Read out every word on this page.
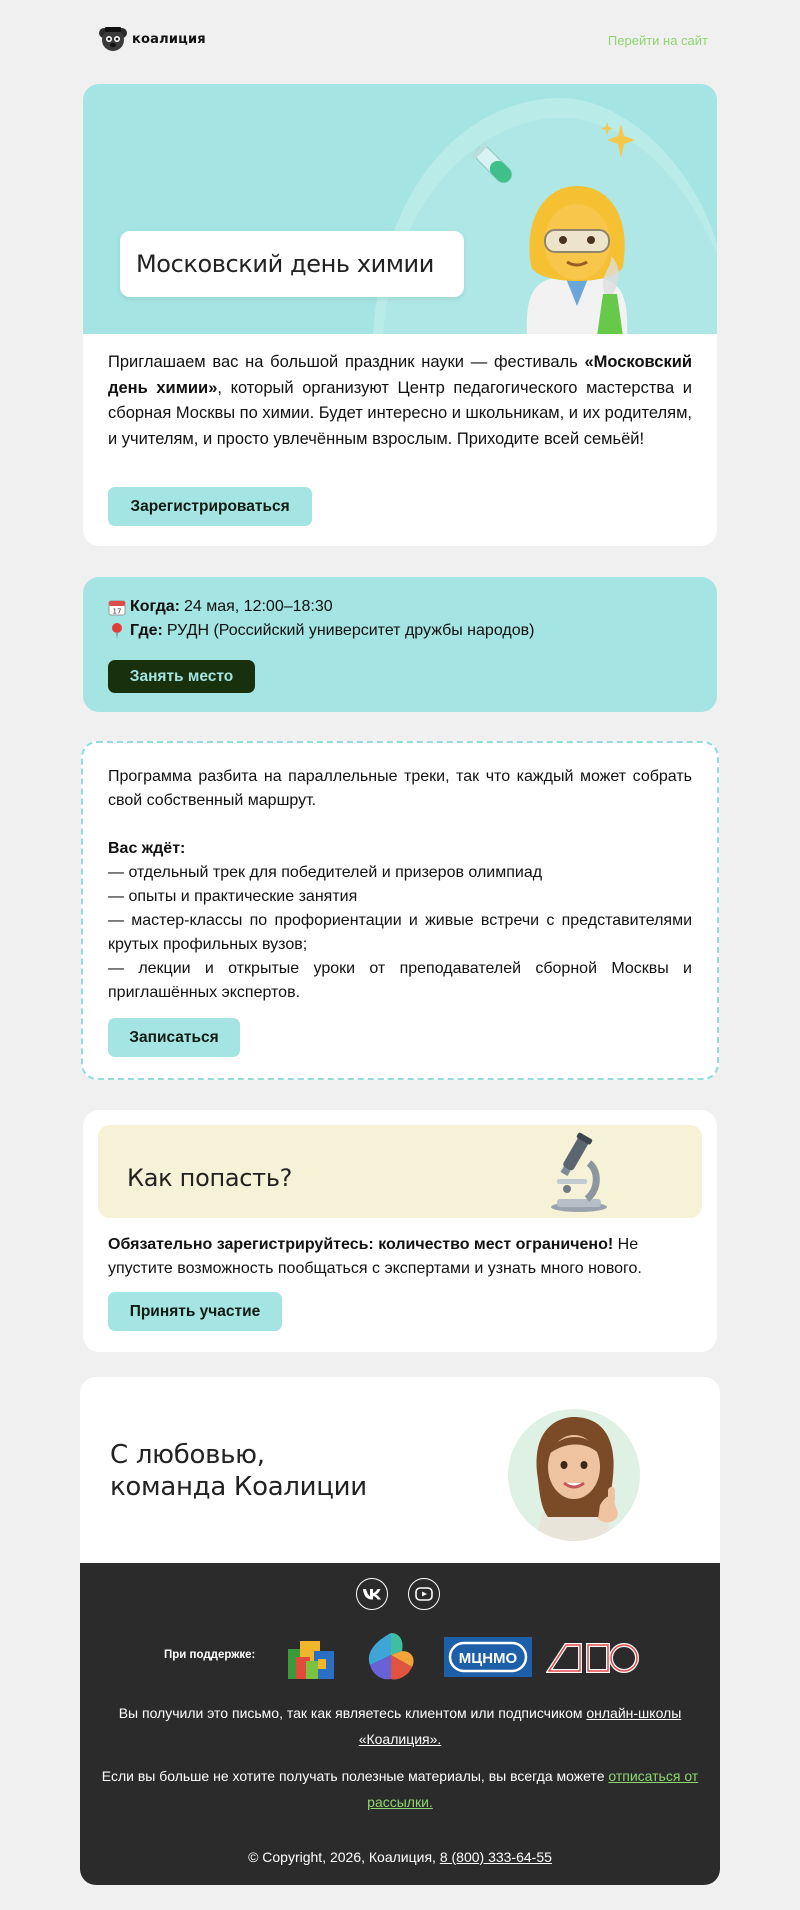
коалиция	Перейти на сайт
Московский день химии

Приглашаем вас на большой праздник науки — фестиваль «Московский день химии», который организуют Центр педагогического мастерства и сборная Москвы по химии. Будет интересно и школьникам, и их родителям, и учителям, и просто увлечённым взрослым. Приходите всей семьёй!

Зарегистрироваться
17 Когда: 24 мая, 12:00–18:30
Где: РУДН (Российский университет дружбы народов)
Занять место

Программа разбита на параллельные треки, так что каждый может собрать свой собственный маршрут.

Вас ждёт:

— отдельный трек для победителей и призеров олимпиад

— опыты и практические занятия

— мастер-классы по профориентации и живые встречи с представителями крутых профильных вузов;

— лекции и открытые уроки от преподавателей сборной Москвы и приглашённых экспертов.

Записаться
Как попасть?

Обязательно зарегистрируйтесь: количество мест ограничено! Не упустите возможность пообщаться с экспертами и узнать много нового.

Принять участие
С любовью,
команда Коалиции
При поддержке:	МЦНМО

Вы получили это письмо, так как являетесь клиентом или подписчиком онлайн-школы «Коалиция».

Если вы больше не хотите получать полезные материалы, вы всегда можете отписаться от рассылки.

© Copyright, 2026, Коалиция, 8 (800) 333-64-55
